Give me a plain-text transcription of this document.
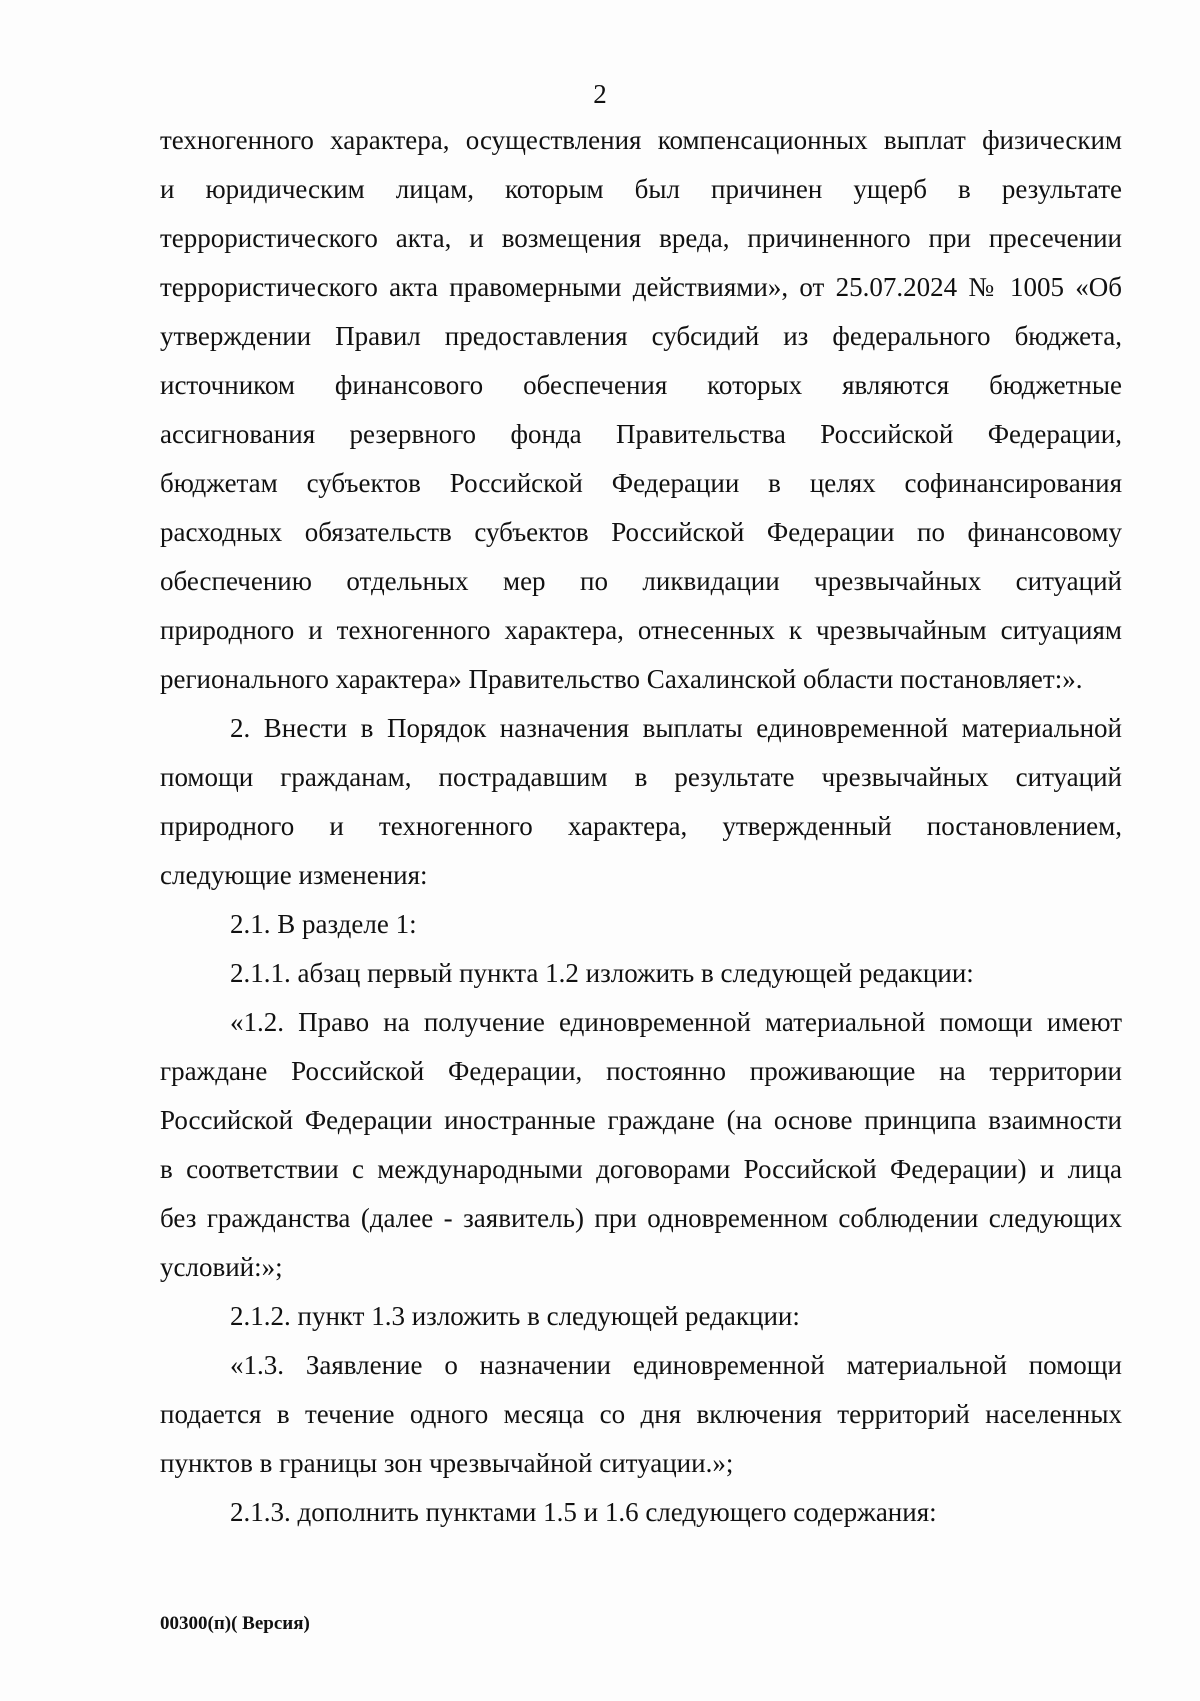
2
техногенного характера, осуществления компенсационных выплат физическим
и юридическим лицам, которым был причинен ущерб в результате
террористического акта, и возмещения вреда, причиненного при пресечении
террористического акта правомерными действиями», от 25.07.2024 № 1005 «Об
утверждении Правил предоставления субсидий из федерального бюджета,
источником финансового обеспечения которых являются бюджетные
ассигнования резервного фонда Правительства Российской Федерации,
бюджетам субъектов Российской Федерации в целях софинансирования
расходных обязательств субъектов Российской Федерации по финансовому
обеспечению отдельных мер по ликвидации чрезвычайных ситуаций
природного и техногенного характера, отнесенных к чрезвычайным ситуациям
регионального характера» Правительство Сахалинской области постановляет:».
2. Внести в Порядок назначения выплаты единовременной материальной
помощи гражданам, пострадавшим в результате чрезвычайных ситуаций
природного и техногенного характера, утвержденный постановлением,
следующие изменения:
2.1. В разделе 1:
2.1.1. абзац первый пункта 1.2 изложить в следующей редакции:
«1.2. Право на получение единовременной материальной помощи имеют
граждане Российской Федерации, постоянно проживающие на территории
Российской Федерации иностранные граждане (на основе принципа взаимности
в соответствии с международными договорами Российской Федерации) и лица
без гражданства (далее - заявитель) при одновременном соблюдении следующих
условий:»;
2.1.2. пункт 1.3 изложить в следующей редакции:
«1.3. Заявление о назначении единовременной материальной помощи
подается в течение одного месяца со дня включения территорий населенных
пунктов в границы зон чрезвычайной ситуации.»;
2.1.3. дополнить пунктами 1.5 и 1.6 следующего содержания:
00300(п)( Версия)
